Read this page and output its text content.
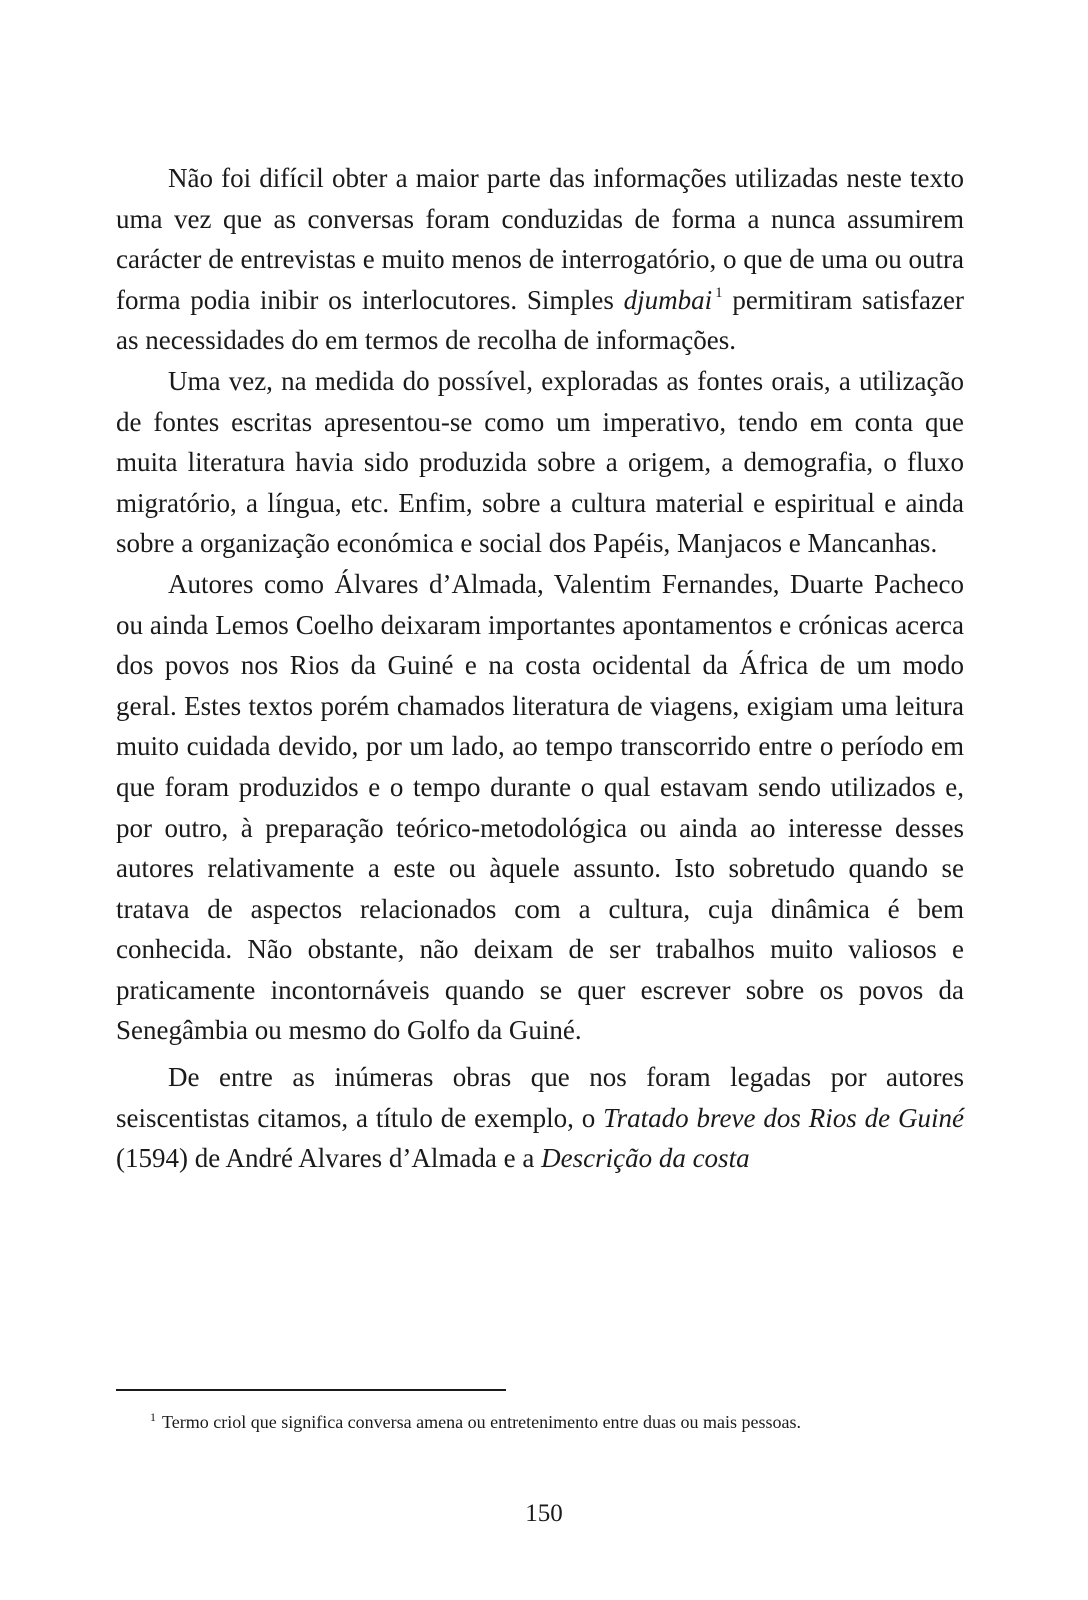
Não foi difícil obter a maior parte das informações utilizadas neste texto uma vez que as conversas foram conduzidas de forma a nunca assumirem carácter de entrevistas e muito menos de interrogatório, o que de uma ou outra forma podia inibir os interlocutores. Simples djumbai $^1$ permitiram satisfazer as necessidades do em termos de recolha de informações.

Uma vez, na medida do possível, exploradas as fontes orais, a utilização de fontes escritas apresentou-se como um imperativo, tendo em conta que muita literatura havia sido produzida sobre a origem, a demografia, o fluxo migratório, a língua, etc. Enfim, sobre a cultura material e espiritual e ainda sobre a organização económica e social dos Papéis, Manjacos e Mancanhas.

Autores como Álvares d’Almada, Valentim Fernandes, Duarte Pacheco ou ainda Lemos Coelho deixaram importantes apontamentos e crónicas acerca dos povos nos Rios da Guiné e na costa ocidental da África de um modo geral. Estes textos porém chamados literatura de viagens, exigiam uma leitura muito cuidada devido, por um lado, ao tempo transcorrido entre o período em que foram produzidos e o tempo durante o qual estavam sendo utilizados e, por outro, à preparação teórico-metodológica ou ainda ao interesse desses autores relativamente a este ou àquele assunto. Isto sobretudo quando se tratava de aspectos relacionados com a cultura, cuja dinâmica é bem conhecida. Não obstante, não deixam de ser trabalhos muito valiosos e praticamente incontornáveis quando se quer escrever sobre os povos da Senegâmbia ou mesmo do Golfo da Guiné.

De entre as inúmeras obras que nos foram legadas por autores seiscentistas citamos, a título de exemplo, o Tratado breve dos Rios de Guiné (1594) de André Alvares d’Almada e a Descrição da costa

$^1$ Termo criol que significa conversa amena ou entretenimento entre duas ou mais pessoas.
150
